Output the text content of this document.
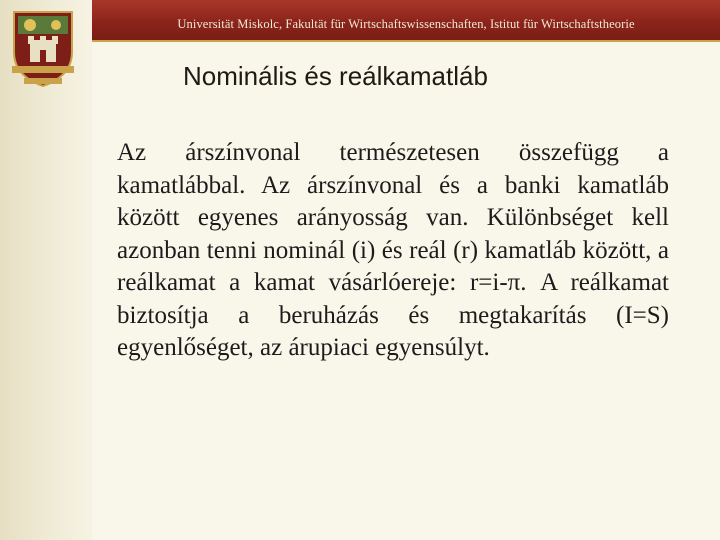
Universität Miskolc, Fakultät für Wirtschaftswissenschaften, Istitut für Wirtschaftstheorie
Nominális és reálkamatláb
Az árszínvonal természetesen összefügg a kamatlábbal. Az árszínvonal és a banki kamatláb között egyenes arányosság van. Különbséget kell azonban tenni nominál (i) és reál (r) kamatláb között, a reálkamat a kamat vásárlóereje: r=i-π. A reálkamat biztosítja a beruházás és megtakarítás (I=S) egyenlőséget, az árupiaci egyensúlyt.
